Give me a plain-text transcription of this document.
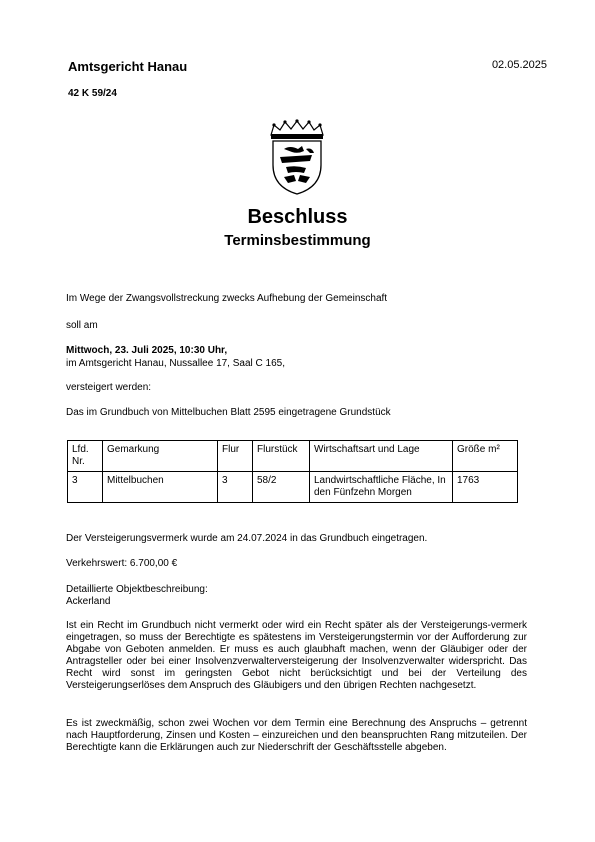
Amtsgericht Hanau	02.05.2025
42 K 59/24
Beschluss
Terminsbestimmung
Im Wege der Zwangsvollstreckung zwecks Aufhebung der Gemeinschaft
soll am
Mittwoch, 23. Juli 2025, 10:30 Uhr,
im Amtsgericht Hanau, Nussallee 17, Saal C 165,
versteigert werden:
Das im Grundbuch von Mittelbuchen Blatt 2595 eingetragene Grundstück
Lfd. Nr.	Gemarkung	Flur	Flurstück	Wirtschaftsart und Lage	Größe m²
3	Mittelbuchen	3	58/2	Landwirtschaftliche Fläche, In den Fünfzehn Morgen	1763
Der Versteigerungsvermerk wurde am 24.07.2024 in das Grundbuch eingetragen.
Verkehrswert: 6.700,00 €
Detaillierte Objektbeschreibung:
Ackerland
Ist ein Recht im Grundbuch nicht vermerkt oder wird ein Recht später als der Versteigerungs-vermerk eingetragen, so muss der Berechtigte es spätestens im Versteigerungstermin vor der Aufforderung zur Abgabe von Geboten anmelden. Er muss es auch glaubhaft machen, wenn der Gläubiger oder der Antragsteller oder bei einer Insolvenzverwalterversteigerung der Insolvenzverwalter widerspricht. Das Recht wird sonst im geringsten Gebot nicht berücksichtigt und bei der Verteilung des Versteigerungserlöses dem Anspruch des Gläubigers und den übrigen Rechten nachgesetzt.
Es ist zweckmäßig, schon zwei Wochen vor dem Termin eine Berechnung des Anspruchs – getrennt nach Hauptforderung, Zinsen und Kosten – einzureichen und den beanspruchten Rang mitzuteilen. Der Berechtigte kann die Erklärungen auch zur Niederschrift der Geschäftsstelle abgeben.
